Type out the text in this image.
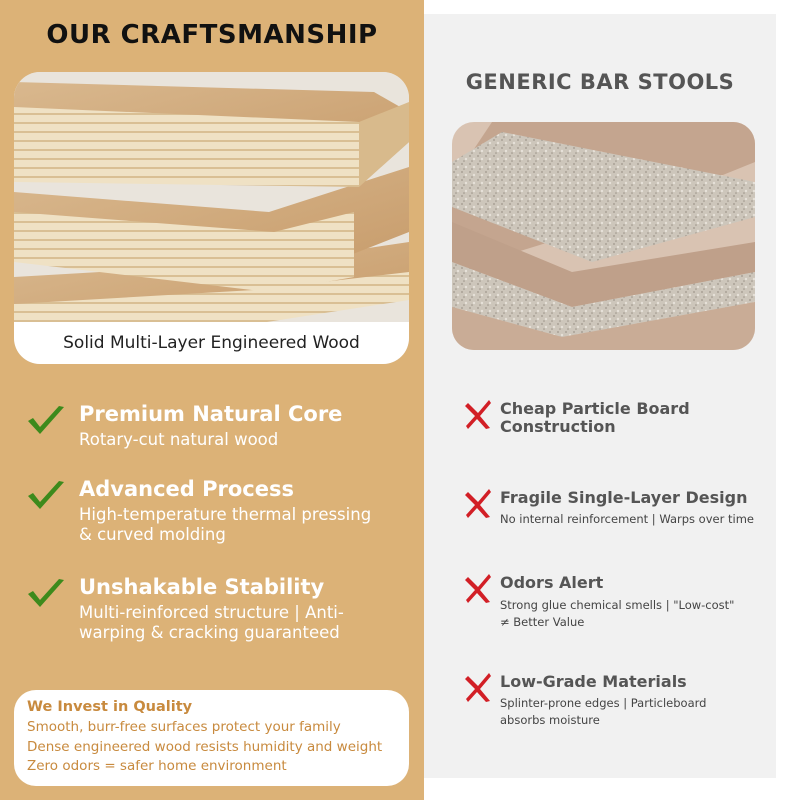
OUR CRAFTSMANSHIP
Solid Multi-Layer Engineered Wood
Premium Natural Core
Rotary-cut natural wood
Advanced Process
High-temperature thermal pressing & curved molding
Unshakable Stability
Multi-reinforced structure | Anti-warping & cracking guaranteed
We Invest in Quality
Smooth, burr-free surfaces protect your family
Dense engineered wood resists humidity and weight
Zero odors = safer home environment
GENERIC BAR STOOLS
Cheap Particle Board Construction
Fragile Single-Layer Design
No internal reinforcement | Warps over time
Odors Alert
Strong glue chemical smells | "Low-cost" ≠ Better Value
Low-Grade Materials
Splinter-prone edges | Particleboard absorbs moisture
